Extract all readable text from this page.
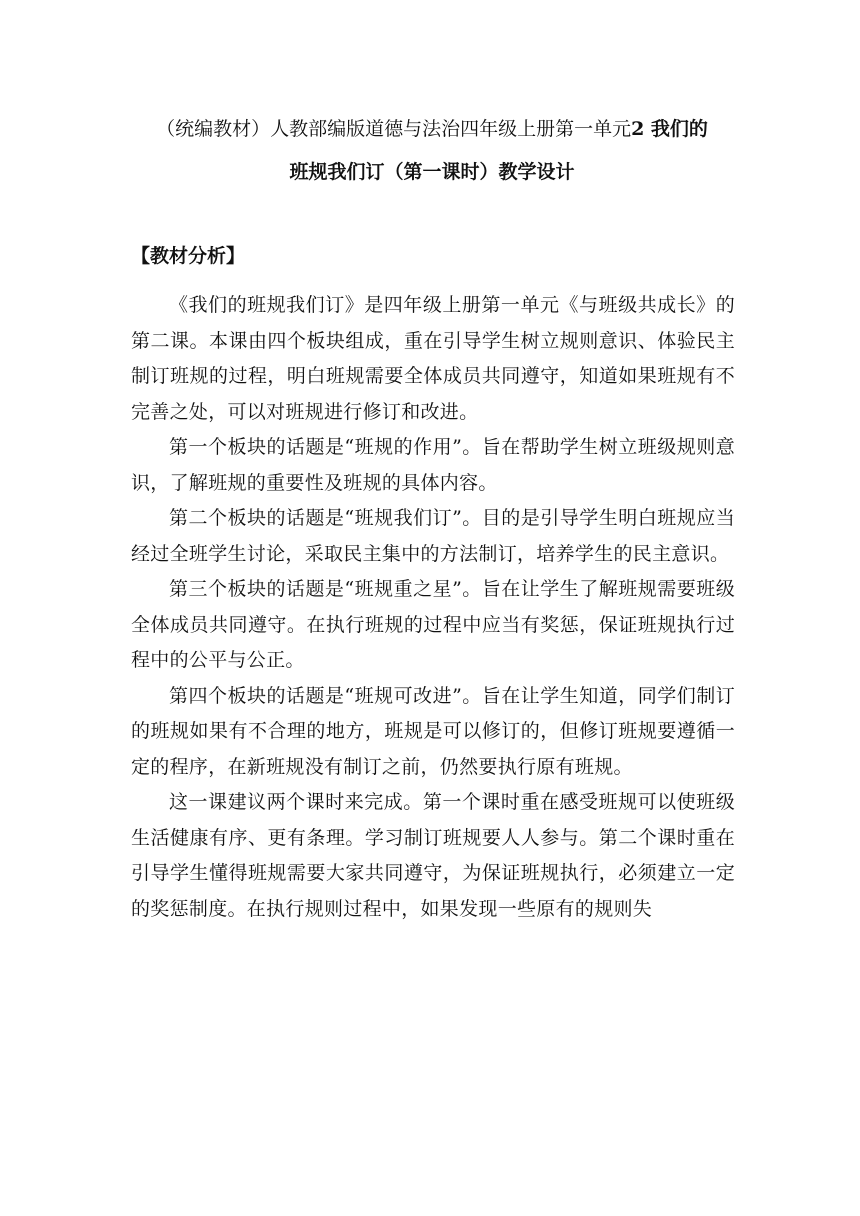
（统编教材）人教部编版道德与法治四年级上册第一单元2 我们的
班规我们订（第一课时）教学设计
【教材分析】

《我们的班规我们订》是四年级上册第一单元《与班级共成长》的第二课。本课由四个板块组成，重在引导学生树立规则意识、体验民主制订班规的过程，明白班规需要全体成员共同遵守，知道如果班规有不完善之处，可以对班规进行修订和改进。

第一个板块的话题是“班规的作用”。旨在帮助学生树立班级规则意识，了解班规的重要性及班规的具体内容。

第二个板块的话题是“班规我们订”。目的是引导学生明白班规应当经过全班学生讨论，采取民主集中的方法制订，培养学生的民主意识。

第三个板块的话题是“班规重之星”。旨在让学生了解班规需要班级全体成员共同遵守。在执行班规的过程中应当有奖惩，保证班规执行过程中的公平与公正。

第四个板块的话题是“班规可改进”。旨在让学生知道，同学们制订的班规如果有不合理的地方，班规是可以修订的，但修订班规要遵循一定的程序，在新班规没有制订之前，仍然要执行原有班规。

这一课建议两个课时来完成。第一个课时重在感受班规可以使班级生活健康有序、更有条理。学习制订班规要人人参与。第二个课时重在引导学生懂得班规需要大家共同遵守，为保证班规执行，必须建立一定的奖惩制度。在执行规则过程中，如果发现一些原有的规则失
